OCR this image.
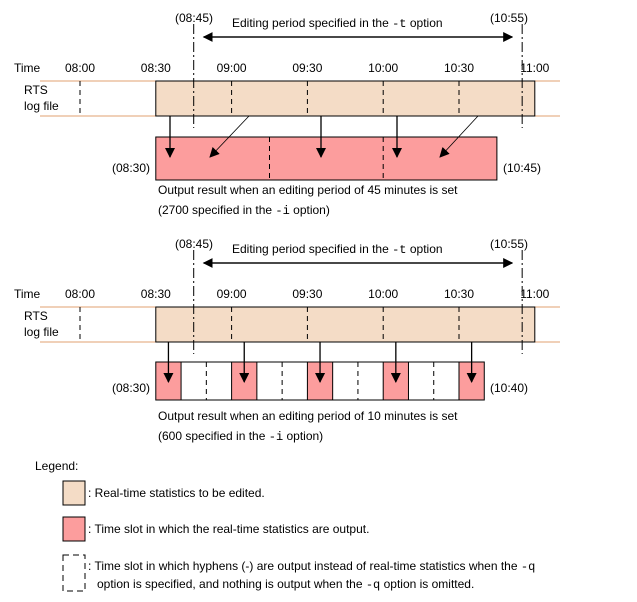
(08:45)	(10:55)
Editing period specified in the -t option
Time 08:00	08:30	09:00	09:30	10:00	10:30	11:00
RTS
log file
(08:30)	(10:45)
Output result when an editing period of 45 minutes is set
(2700 specified in the -i option)
(08:45)	(10:55)
Editing period specified in the -t option
Time 08:00	08:30	09:00	09:30	10:00	10:30	11:00
RTS
log file
(08:30)	(10:40)
Output result when an editing period of 10 minutes is set
(600 specified in the -i option)
Legend:
: Real-time statistics to be edited.
: Time slot in which the real-time statistics are output.
: Time slot in which hyphens (-) are output instead of real-time statistics when the -q
option is specified, and nothing is output when the -q option is omitted.
